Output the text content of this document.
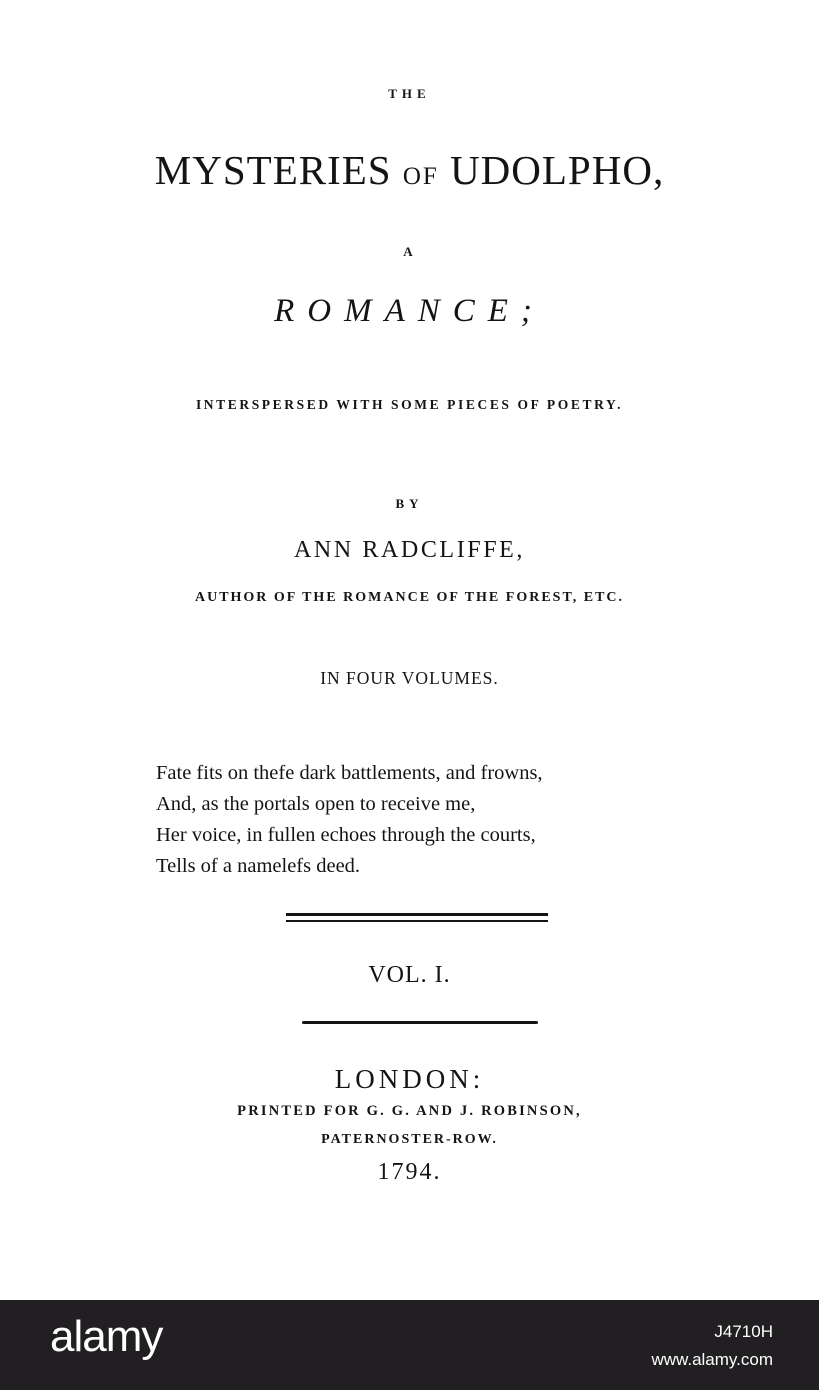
THE
MYSTERIES OF UDOLPHO,
A
ROMANCE;
INTERSPERSED WITH SOME PIECES OF POETRY.
BY
ANN RADCLIFFE,
AUTHOR OF THE ROMANCE OF THE FOREST, ETC.
IN FOUR VOLUMES.
Fate fits on thefe dark battlements, and frowns,
And, as the portals open to receive me,
Her voice, in fullen echoes through the courts,
Tells of a namelefs deed.
VOL. I.
LONDON:
PRINTED FOR G. G. AND J. ROBINSON,
PATERNOSTER-ROW.
1794.
alamy	J4710H
www.alamy.com
